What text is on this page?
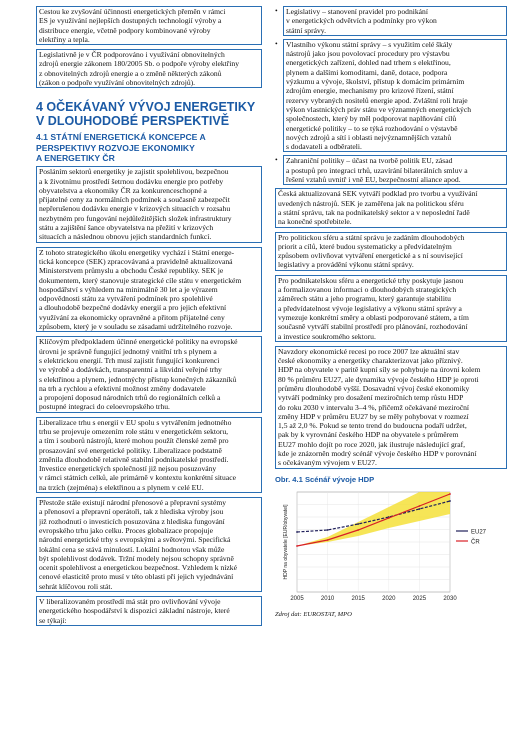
Cestou ke zvyšování účinnosti energetických přeměn v rámci
ES je využívání nejlepších dostupných technologií výroby a
distribuce energie, včetně podpory kombinované výroby
elektřiny a tepla.
Legislativně je v ČR podporováno i využívání obnovitelných
zdrojů energie zákonem 180/2005 Sb. o podpoře výroby elektřiny
z obnovitelných zdrojů energie a o změně některých zákonů
(zákon o podpoře využívání obnovitelných zdrojů).
4 OČEKÁVANÝ VÝVOJ ENERGETIKY
V DLOUHODOBÉ PERSPEKTIVĚ
4.1 STÁTNÍ ENERGETICKÁ KONCEPCE A
PERSPEKTIVY ROZVOJE EKONOMIKY
A ENERGETIKY ČR
Posláním sektorů energetiky je zajistit spolehlivou, bezpečnou
a k životnímu prostředí šetrnou dodávku energie pro potřeby
obyvatelstva a ekonomiky ČR za konkurenceschopné a
přijatelné ceny za normálních podmínek a současně zabezpečit
nepřerušenou dodávku energie v krizových situacích v rozsahu
nezbytném pro fungování nejdůležitějších složek infrastruktury
státu a zajištění šance obyvatelstva na přežití v krizových
situacích a následnou obnovu jejich standardních funkcí.
Z tohoto strategického úkolu energetiky vychází i Státní energe-
tická koncepce (SEK) zpracovávaná a pravidelně aktualizovaná
Ministerstvem průmyslu a obchodu České republiky. SEK je
dokumentem, který stanovuje strategické cíle státu v energetickém
hospodářství s výhledem na minimálně 30 let a je výrazem
odpovědnosti státu za vytváření podmínek pro spolehlivé
a dlouhodobě bezpečné dodávky energií a pro jejich efektivní
využívání za ekonomicky opravněné a přitom přijatelné ceny
způsobem, který je v souladu se zásadami udržitelného rozvoje.
Klíčovým předpokladem účinné energetické politiky na evropské
úrovni je správně fungující jednotný vnitřní trh s plynem a
s elektrickou energií. Trh musí zajistit fungující konkurenci
ve výrobě a dodávkách, transparentní a likvidní veřejné trhy
s elektřinou a plynem, jednotnýchy přístup konečných zákazníků
na trh a rychlou a efektivní možnost změny dodavatele
a propojení doposud národních trhů do regionálních celků a
postupné integraci do celoevropského trhu.
Liberalizace trhu s energií v EU spolu s vytvářením jednotného
trhu se projevuje omezením role státu v energetickém sektoru,
a tím i souborů nástrojů, které mohou použít členské země pro
prosazování své energetické politiky. Liberalizace podstatně
změnila dlouhodobě relativně stabilní podnikatelské prostředí.
Investice energetických společností již nejsou posuzovány
v rámci státních celků, ale primárně v kontextu konkrétní situace
na trzích (zejména) s elektřinou a s plynem v celé EU.
Přestože stále existují národní přenosové a přepravní systémy
a přenosoví a přepravní operátoři, tak z hlediska výroby jsou
již rozhodnutí o investicích posuzována z hlediska fungování
evropského trhu jako celku. Proces globalizace propojuje
národní energetické trhy s evropskými a světovými. Specifická
lokální cena se stává minulostí. Lokální hodnotou však může
být spolehlivost dodávek. Tržní modely nejsou schopny správně
ocenit spolehlivost a energetickou bezpečnost. Vzhledem k nízké
cenové elasticitě proto musí v této oblasti při jejich vyjednávání
sehrát klíčovou roli stát.
V liberalizovaném prostředí má stát pro ovlivňování vývoje
energetického hospodářství k dispozici základní nástroje, které
se týkají:
•	Legislativy – stanovení pravidel pro podnikání
v energetických odvětvích a podmínky pro výkon
státní správy.
•	Vlastního výkonu státní správy – s využitím celé škály
nástrojů jako jsou povolovací procedury pro výstavbu
energetických zařízení, dohled nad trhem s elektřinou,
plynem a dalšími komoditami, daně, dotace, podpora
výzkumu a vývoje, školství, přístup k domácím primárním
zdrojům energie, mechanismy pro krizové řízení, státní
rezervy vybraných nositelů energie apod. Zvláštní roli hraje
výkon vlastnických práv státu ve významných energetických
společnostech, který by měl podporovat naplňování cílů
energetické politiky – to se týká rozhodování o výstavbě
nových zdrojů a sítí i oblasti nejvýznamnějších vztahů
s dodavateli a odběrateli.
•	Zahraniční politiky – účast na tvorbě politik EU, zásad
a postupů pro integraci trhů, uzavírání bilaterálních smluv a
řešení vztahů uvnitř i vně EU, bezpečnostní aliance apod.
Česká aktualizovaná SEK vytváří podklad pro tvorbu a využívání
uvedených nástrojů. SEK je zaměřena jak na politickou sféru
a státní správu, tak na podnikatelský sektor a v neposlední řadě
na konečné spotřebitele.
Pro politickou sféru a státní správu je zadáním dlouhodobých
priorit a cílů, které budou systematicky a předvídatelným
způsobem ovlivňovat vytváření energetické a s ní související
legislativy a provádění výkonu státní správy.
Pro podnikatelskou sféru a energetické trhy poskytuje jasnou
a formalizovanou informaci o dlouhodobých strategických
záměrech státu a jeho programu, který garantuje stabilitu
a předvídatelnost vývoje legislativy a výkonu státní správy a
vymezuje konkrétní směry a oblasti podporované státem, a tím
současně vytváří stabilní prostředí pro plánování, rozhodování
a investice soukromého sektoru.
Navzdory ekonomické recesi po roce 2007 lze aktuální stav
české ekonomiky a energetiky charakterizovat jako příznivý.
HDP na obyvatele v paritě kupní síly se pohybuje na úrovni kolem
80 % průměru EU27, ale dynamika vývoje českého HDP je oproti
průměru dlouhodobě vyšší. Dosavadní vývoj české ekonomiky
vytváří podmínky pro dosažení meziročních temp růstu HDP
do roku 2030 v intervalu 3–4 %, přičemž očekávané meziroční
změny HDP v průměru EU27 by se měly pohybovat v rozmezí
1,5 až 2,0 %. Pokud se tento trend do budoucna podaří udržet,
pak by k vyrovnání českého HDP na obyvatele s průměrem
EU27 mohlo dojít po roce 2020, jak ilustruje následující graf,
kde je znázorněn modrý scénář vývoje českého HDP v porovnání
s očekávaným vývojem v EU27.
Obr. 4.1 Scénář vývoje HDP
EU27
ČR
2005	2010	2015	2020	2025	2030
HDP na obyvatele [EUR/obyvatel]
Zdroj dat: EUROSTAT, MPO
